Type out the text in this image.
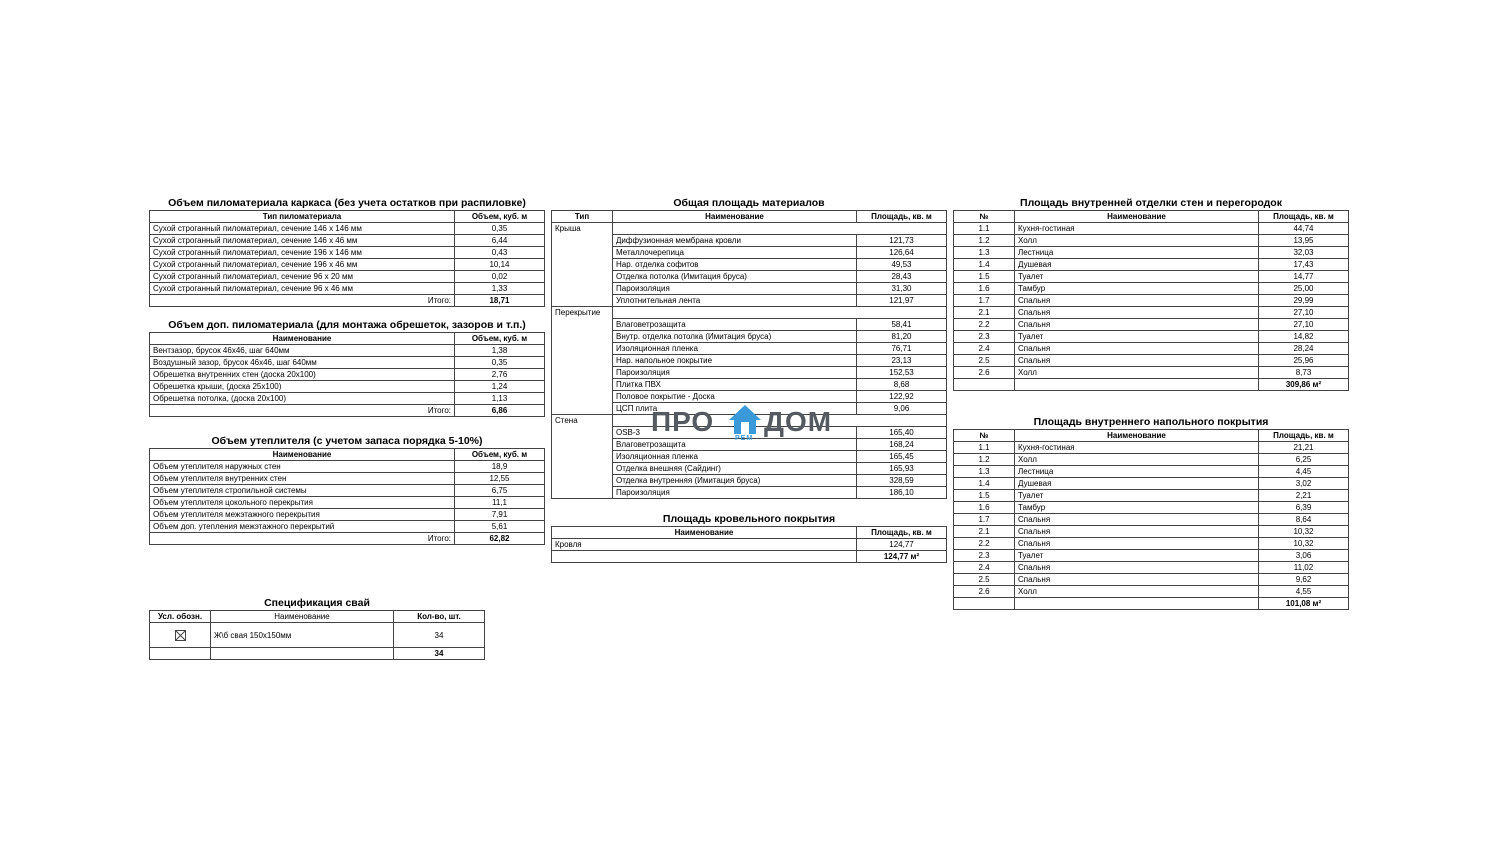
Объем пиломатериала каркаса (без учета остатков при распиловке)
Тип пиломатериала	Объем, куб. м
Сухой строганный пиломатериал, сечение 146 x 146 мм	0,35
Сухой строганный пиломатериал, сечение 146 x 46 мм	6,44
Сухой строганный пиломатериал, сечение 196 x 146 мм	0,43
Сухой строганный пиломатериал, сечение 196 x 46 мм	10,14
Сухой строганный пиломатериал, сечение 96 x 20 мм	0,02
Сухой строганный пиломатериал, сечение 96 x 46 мм	1,33
Итого:	18,71
Объем доп. пиломатериала (для монтажа обрешеток, зазоров и т.п.)
Наименование	Объем, куб. м
Вентзазор, брусок 46х46, шаг 640мм	1,38
Воздушный зазор, брусок 46х46, шаг 640мм	0,35
Обрешетка внутренних стен (доска 20х100)	2,76
Обрешетка крыши, (доска 25х100)	1,24
Обрешетка потолка, (доска 20х100)	1,13
Итого:	6,86
Объем утеплителя (с учетом запаса порядка 5-10%)
Наименование	Объем, куб. м
Объем утеплителя наружных стен	18,9
Объем утеплителя внутренних стен	12,55
Объем утеплителя стропильной системы	6,75
Объем утеплителя цокольного перекрытия	11,1
Объем утеплителя межэтажного перекрытия	7,91
Объем доп. утепления межэтажного перекрытий	5,61
Итого:	62,82
Спецификация свай
Усл. обозн.	Наименование	Кол-во, шт.

	Ж\б свая 150х150мм	34
		34
Общая площадь материалов
Тип	Наименование	Площадь, кв. м
Крыша		
	Диффузионная мембрана кровли	121,73
	Металлочерепица	126,64
	Нар. отделка софитов	49,53
	Отделка потолка (Имитация бруса)	28,43
	Пароизоляция	31,30
	Уплотнительная лента	121,97
Перекрытие		
	Влаговетрозащита	58,41
	Внутр. отделка потолка (Имитация бруса)	81,20
	Изоляционная пленка	76,71
	Нар. напольное покрытие	23,13
	Пароизоляция	152,53
	Плитка ПВХ	8,68
	Половое покрытие - Доска	122,92
	ЦСП плита	9,06
Стена		
	OSB-3	165,40
	Влаговетрозащита	168,24
	Изоляционная пленка	165,45
	Отделка внешняя (Сайдинг)	165,93
	Отделка внутренняя (Имитация бруса)	328,59
	Пароизоляция	186,10
Площадь кровельного покрытия
Наименование	Площадь, кв. м
Кровля	124,77
	124,77 м²
Площадь внутренней отделки стен и перегородок
№	Наименование	Площадь, кв. м
1.1	Кухня-гостиная	44,74
1.2	Холл	13,95
1.3	Лестница	32,03
1.4	Душевая	17,43
1.5	Туалет	14,77
1.6	Тамбур	25,00
1.7	Спальня	29,99
2.1	Спальня	27,10
2.2	Спальня	27,10
2.3	Туалет	14,82
2.4	Спальня	28,24
2.5	Спальня	25,96
2.6	Холл	8,73
		309,86 м²
Площадь внутреннего напольного покрытия
№	Наименование	Площадь, кв. м
1.1	Кухня-гостиная	21,21
1.2	Холл	6,25
1.3	Лестница	4,45
1.4	Душевая	3,02
1.5	Туалет	2,21
1.6	Тамбур	6,39
1.7	Спальня	8,64
2.1	Спальня	10,32
2.2	Спальня	10,32
2.3	Туалет	3,06
2.4	Спальня	11,02
2.5	Спальня	9,62
2.6	Холл	4,55
		101,08 м²
ПРО
РЕМ
ДОМ
